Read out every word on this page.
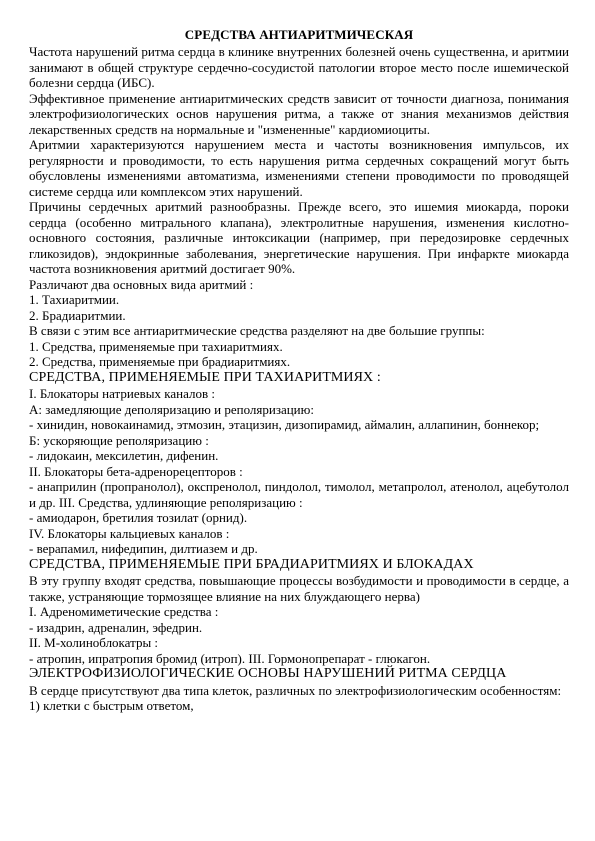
СРЕДСТВА АНТИАРИТМИЧЕСКАЯ

Частота нарушений ритма сердца в клинике внутренних болезней очень существенна, и аритмии занимают в общей структуре сердечно-сосудистой патологии второе место после ишемической болезни сердца (ИБС).

Эффективное применение антиаритмических средств зависит от точности диагноза, понимания электрофизиологических основ нарушения ритма, а также от знания механизмов действия лекарственных средств на нормальные и "измененные" кардиомиоциты.

Аритмии характеризуются нарушением места и частоты возникновения импульсов, их регулярности и проводимости, то есть нарушения ритма сердечных сокращений могут быть обусловлены изменениями автоматизма, изменениями степени проводимости по проводящей системе сердца или комплексом этих нарушений.

Причины сердечных аритмий разнообразны. Прежде всего, это ишемия миокарда, пороки сердца (особенно митрального клапана), электролитные нарушения, изменения кислотно-основного состояния, различные интоксикации (например, при передозировке сердечных гликозидов), эндокринные заболевания, энергетические нарушения. При инфаркте миокарда частота возникновения аритмий достигает 90%.

Различают два основных вида аритмий :

1. Тахиаритмии.

2. Брадиаритмии.

В связи с этим все антиаритмические средства разделяют на две большие группы:

1. Средства, применяемые при тахиаритмиях.

2. Средства, применяемые при брадиаритмиях.

СРЕДСТВА, ПРИМЕНЯЕМЫЕ ПРИ ТАХИАРИТМИЯХ :

I. Блокаторы натриевых каналов :

А: замедляющие деполяризацию и реполяризацию:

- хинидин, новокаинамид, этмозин, этацизин, дизопирамид, аймалин, аллапинин, боннекор;

Б: ускоряющие реполяризацию :

- лидокаин, мексилетин, дифенин.

II. Блокаторы бета-адренорецепторов :

- анаприлин (пропранолол), окспренолол, пиндолол, тимолол, метапролол, атенолол, ацебутолол и др. III. Средства, удлиняющие реполяризацию :

- амиодарон, бретилия тозилат (орнид).

IV. Блокаторы кальциевых каналов :

- верапамил, нифедипин, дилтиазем и др.

СРЕДСТВА, ПРИМЕНЯЕМЫЕ ПРИ БРАДИАРИТМИЯХ И БЛОКАДАХ

В эту группу входят средства, повышающие процессы возбудимости и проводимости в сердце, а также, устраняющие тормозящее влияние на них блуждающего нерва)

I. Адреномиметические средства :

- изадрин, адреналин, эфедрин.

II. М-холиноблокатры :

- атропин, ипратропия бромид (итроп). III. Гормонопрепарат - глюкагон.

ЭЛЕКТРОФИЗИОЛОГИЧЕСКИЕ ОСНОВЫ НАРУШЕНИЙ РИТМА СЕРДЦА

В сердце присутствуют два типа клеток, различных по электрофизиологическим особенностям:

1) клетки с быстрым ответом,
